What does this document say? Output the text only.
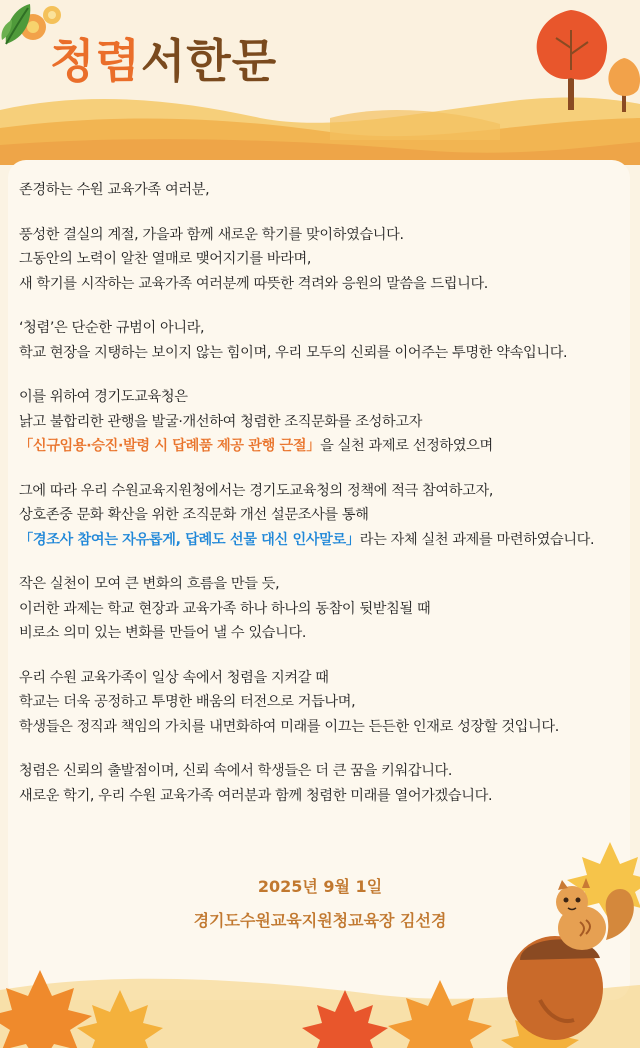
청렴서한문

존경하는 수원 교육가족 여러분,

풍성한 결실의 계절, 가을과 함께 새로운 학기를 맞이하였습니다.
그동안의 노력이 알찬 열매로 맺어지기를 바라며,
새 학기를 시작하는 교육가족 여러분께 따뜻한 격려와 응원의 말씀을 드립니다.

‘청렴’은 단순한 규범이 아니라,
학교 현장을 지탱하는 보이지 않는 힘이며, 우리 모두의 신뢰를 이어주는 투명한 약속입니다.

이를 위하여 경기도교육청은
낡고 불합리한 관행을 발굴·개선하여 청렴한 조직문화를 조성하고자
「신규임용·승진·발령 시 답례품 제공 관행 근절」을 실천 과제로 선정하였으며

그에 따라 우리 수원교육지원청에서는 경기도교육청의 정책에 적극 참여하고자,
상호존중 문화 확산을 위한 조직문화 개선 설문조사를 통해
「경조사 참여는 자유롭게, 답례도 선물 대신 인사말로」라는 자체 실천 과제를 마련하였습니다.

작은 실천이 모여 큰 변화의 흐름을 만들 듯,
이러한 과제는 학교 현장과 교육가족 하나 하나의 동참이 뒷받침될 때
비로소 의미 있는 변화를 만들어 낼 수 있습니다.

우리 수원 교육가족이 일상 속에서 청렴을 지켜갈 때
학교는 더욱 공정하고 투명한 배움의 터전으로 거듭나며,
학생들은 정직과 책임의 가치를 내면화하여 미래를 이끄는 든든한 인재로 성장할 것입니다.

청렴은 신뢰의 출발점이며, 신뢰 속에서 학생들은 더 큰 꿈을 키워갑니다.
새로운 학기, 우리 수원 교육가족 여러분과 함께 청렴한 미래를 열어가겠습니다.

2025년 9월 1일
경기도수원교육지원청교육장 김선경
